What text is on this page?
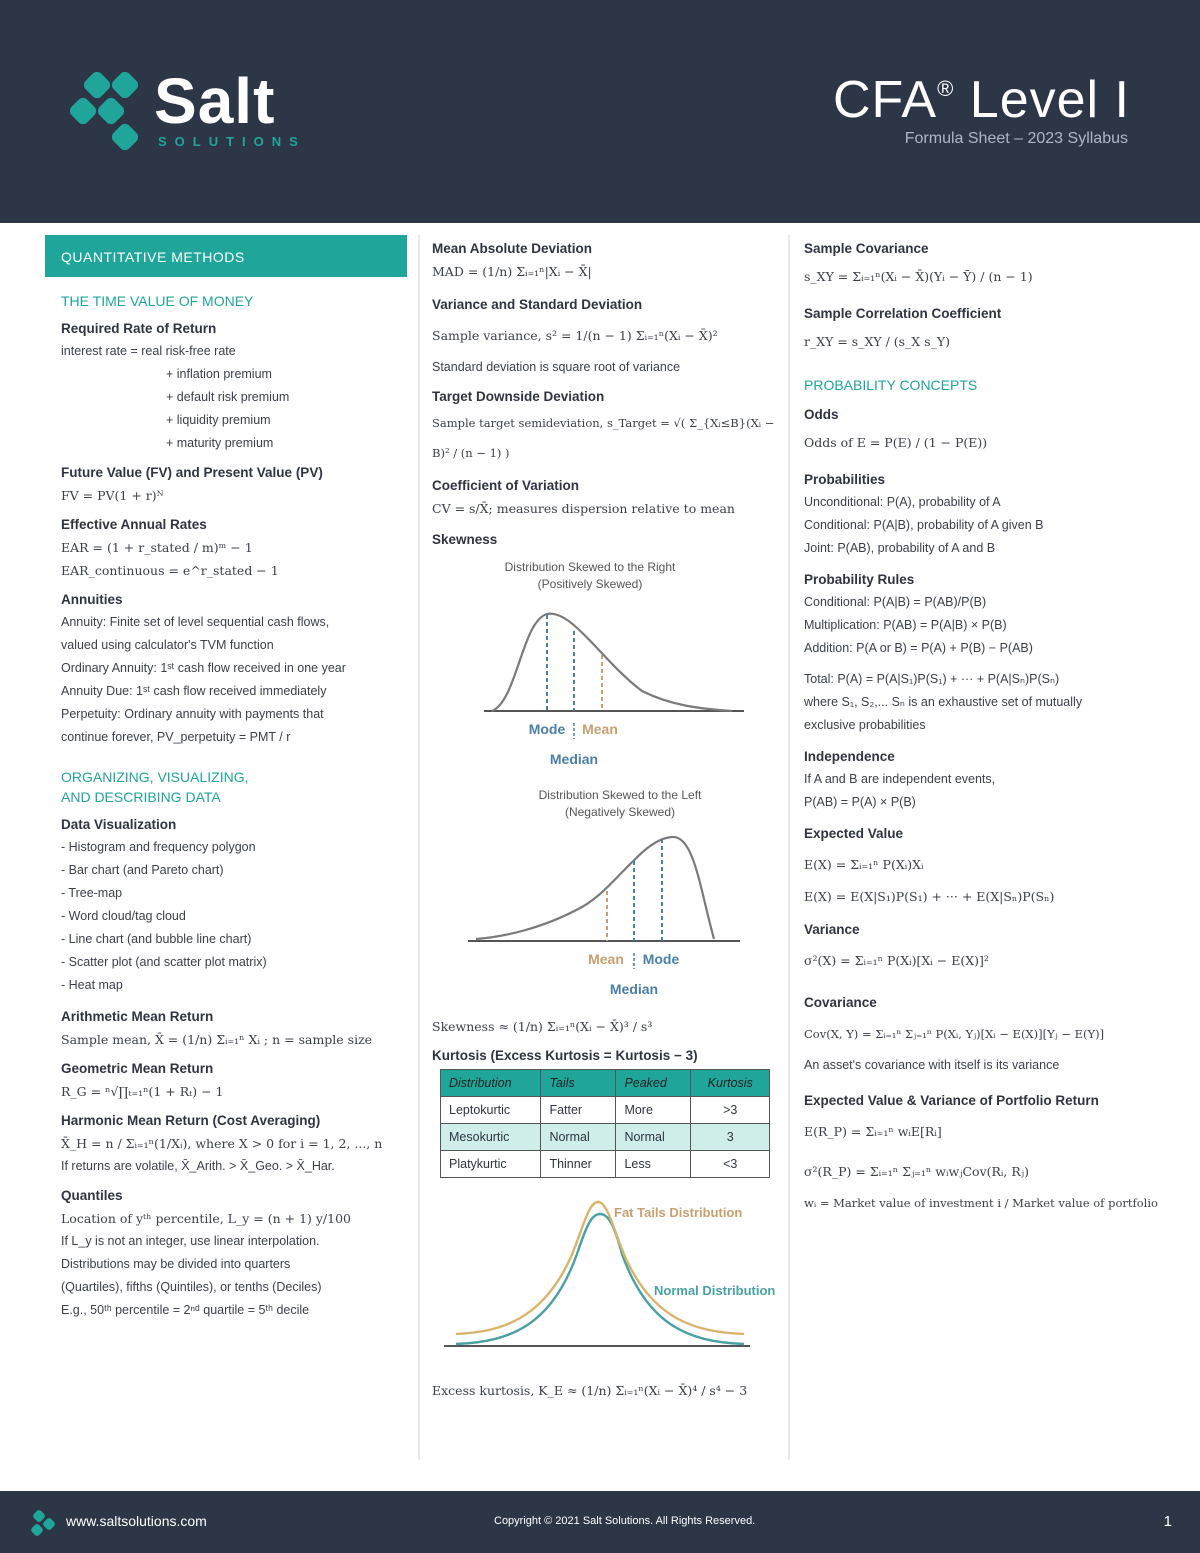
Salt
SOLUTIONS
CFA® Level I
Formula Sheet – 2023 Syllabus
QUANTITATIVE METHODS
THE TIME VALUE OF MONEY
Required Rate of Return
interest rate = real risk-free rate
+ inflation premium
+ default risk premium
+ liquidity premium
+ maturity premium
Future Value (FV) and Present Value (PV)
FV = PV(1 + r)ᴺ
Effective Annual Rates
EAR = (1 + r_stated / m)ᵐ − 1
EAR_continuous = e^r_stated − 1
Annuities
Annuity: Finite set of level sequential cash flows,
valued using calculator's TVM function
Ordinary Annuity: 1ˢᵗ cash flow received in one year
Annuity Due: 1ˢᵗ cash flow received immediately
Perpetuity: Ordinary annuity with payments that
continue forever, PV_perpetuity = PMT / r
ORGANIZING, VISUALIZING,
AND DESCRIBING DATA
Data Visualization
- Histogram and frequency polygon
- Bar chart (and Pareto chart)
- Tree-map
- Word cloud/tag cloud
- Line chart (and bubble line chart)
- Scatter plot (and scatter plot matrix)
- Heat map
Arithmetic Mean Return
Sample mean, X̄ = (1/n) Σᵢ₌₁ⁿ Xᵢ ; n = sample size
Geometric Mean Return
R_G = ⁿ√∏ₜ₌₁ⁿ(1 + Rₜ) − 1
Harmonic Mean Return (Cost Averaging)
X̄_H = n / Σᵢ₌₁ⁿ(1/Xᵢ), where X > 0 for i = 1, 2, ..., n
If returns are volatile, X̄_Arith. > X̄_Geo. > X̄_Har.
Quantiles
Location of yᵗʰ percentile, L_y = (n + 1) y/100
If L_y is not an integer, use linear interpolation.
Distributions may be divided into quarters
(Quartiles), fifths (Quintiles), or tenths (Deciles)
E.g., 50ᵗʰ percentile = 2ⁿᵈ quartile = 5ᵗʰ decile
Mean Absolute Deviation
MAD = (1/n) Σᵢ₌₁ⁿ|Xᵢ − X̄|
Variance and Standard Deviation
Sample variance, s² = 1/(n − 1) Σᵢ₌₁ⁿ(Xᵢ − X̄)²
Standard deviation is square root of variance
Target Downside Deviation
Sample target semideviation, s_Target = √( Σ_{Xᵢ≤B}(Xᵢ − B)² / (n − 1) )
Coefficient of Variation
CV = s/X̄; measures dispersion relative to mean
Skewness
Distribution Skewed to the Right
(Positively Skewed)
Mode Mean
Median
Distribution Skewed to the Left
(Negatively Skewed)
Mean Mode
Median
Skewness ≈ (1/n) Σᵢ₌₁ⁿ(Xᵢ − X̄)³ / s³
Kurtosis (Excess Kurtosis = Kurtosis − 3)
Distribution	Tails	Peaked	Kurtosis
Leptokurtic	Fatter	More	>3
Mesokurtic	Normal	Normal	3
Platykurtic	Thinner	Less	<3
Fat Tails Distribution
Normal Distribution
Excess kurtosis, K_E ≈ (1/n) Σᵢ₌₁ⁿ(Xᵢ − X̄)⁴ / s⁴ − 3
Sample Covariance
s_XY = Σᵢ₌₁ⁿ(Xᵢ − X̄)(Yᵢ − Ȳ) / (n − 1)
Sample Correlation Coefficient
r_XY = s_XY / (s_X s_Y)
PROBABILITY CONCEPTS
Odds
Odds of E = P(E) / (1 − P(E))
Probabilities
Unconditional: P(A), probability of A
Conditional: P(A|B), probability of A given B
Joint: P(AB), probability of A and B
Probability Rules
Conditional: P(A|B) = P(AB)/P(B)
Multiplication: P(AB) = P(A|B) × P(B)
Addition: P(A or B) = P(A) + P(B) − P(AB)
Total: P(A) = P(A|S₁)P(S₁) + ··· + P(A|Sₙ)P(Sₙ)
where S₁, S₂,... Sₙ is an exhaustive set of mutually
exclusive probabilities
Independence
If A and B are independent events,
P(AB) = P(A) × P(B)
Expected Value
E(X) = Σᵢ₌₁ⁿ P(Xᵢ)Xᵢ
E(X) = E(X|S₁)P(S₁) + ··· + E(X|Sₙ)P(Sₙ)
Variance
σ²(X) = Σᵢ₌₁ⁿ P(Xᵢ)[Xᵢ − E(X)]²
Covariance
Cov(X, Y) = Σᵢ₌₁ⁿ Σⱼ₌₁ⁿ P(Xᵢ, Yⱼ)[Xᵢ − E(X)][Yⱼ − E(Y)]
An asset's covariance with itself is its variance
Expected Value & Variance of Portfolio Return
E(R_P) = Σᵢ₌₁ⁿ wᵢE[Rᵢ]
σ²(R_P) = Σᵢ₌₁ⁿ Σⱼ₌₁ⁿ wᵢwⱼCov(Rᵢ, Rⱼ)
wᵢ = Market value of investment i / Market value of portfolio
www.saltsolutions.com	Copyright © 2021 Salt Solutions. All Rights Reserved.	1
